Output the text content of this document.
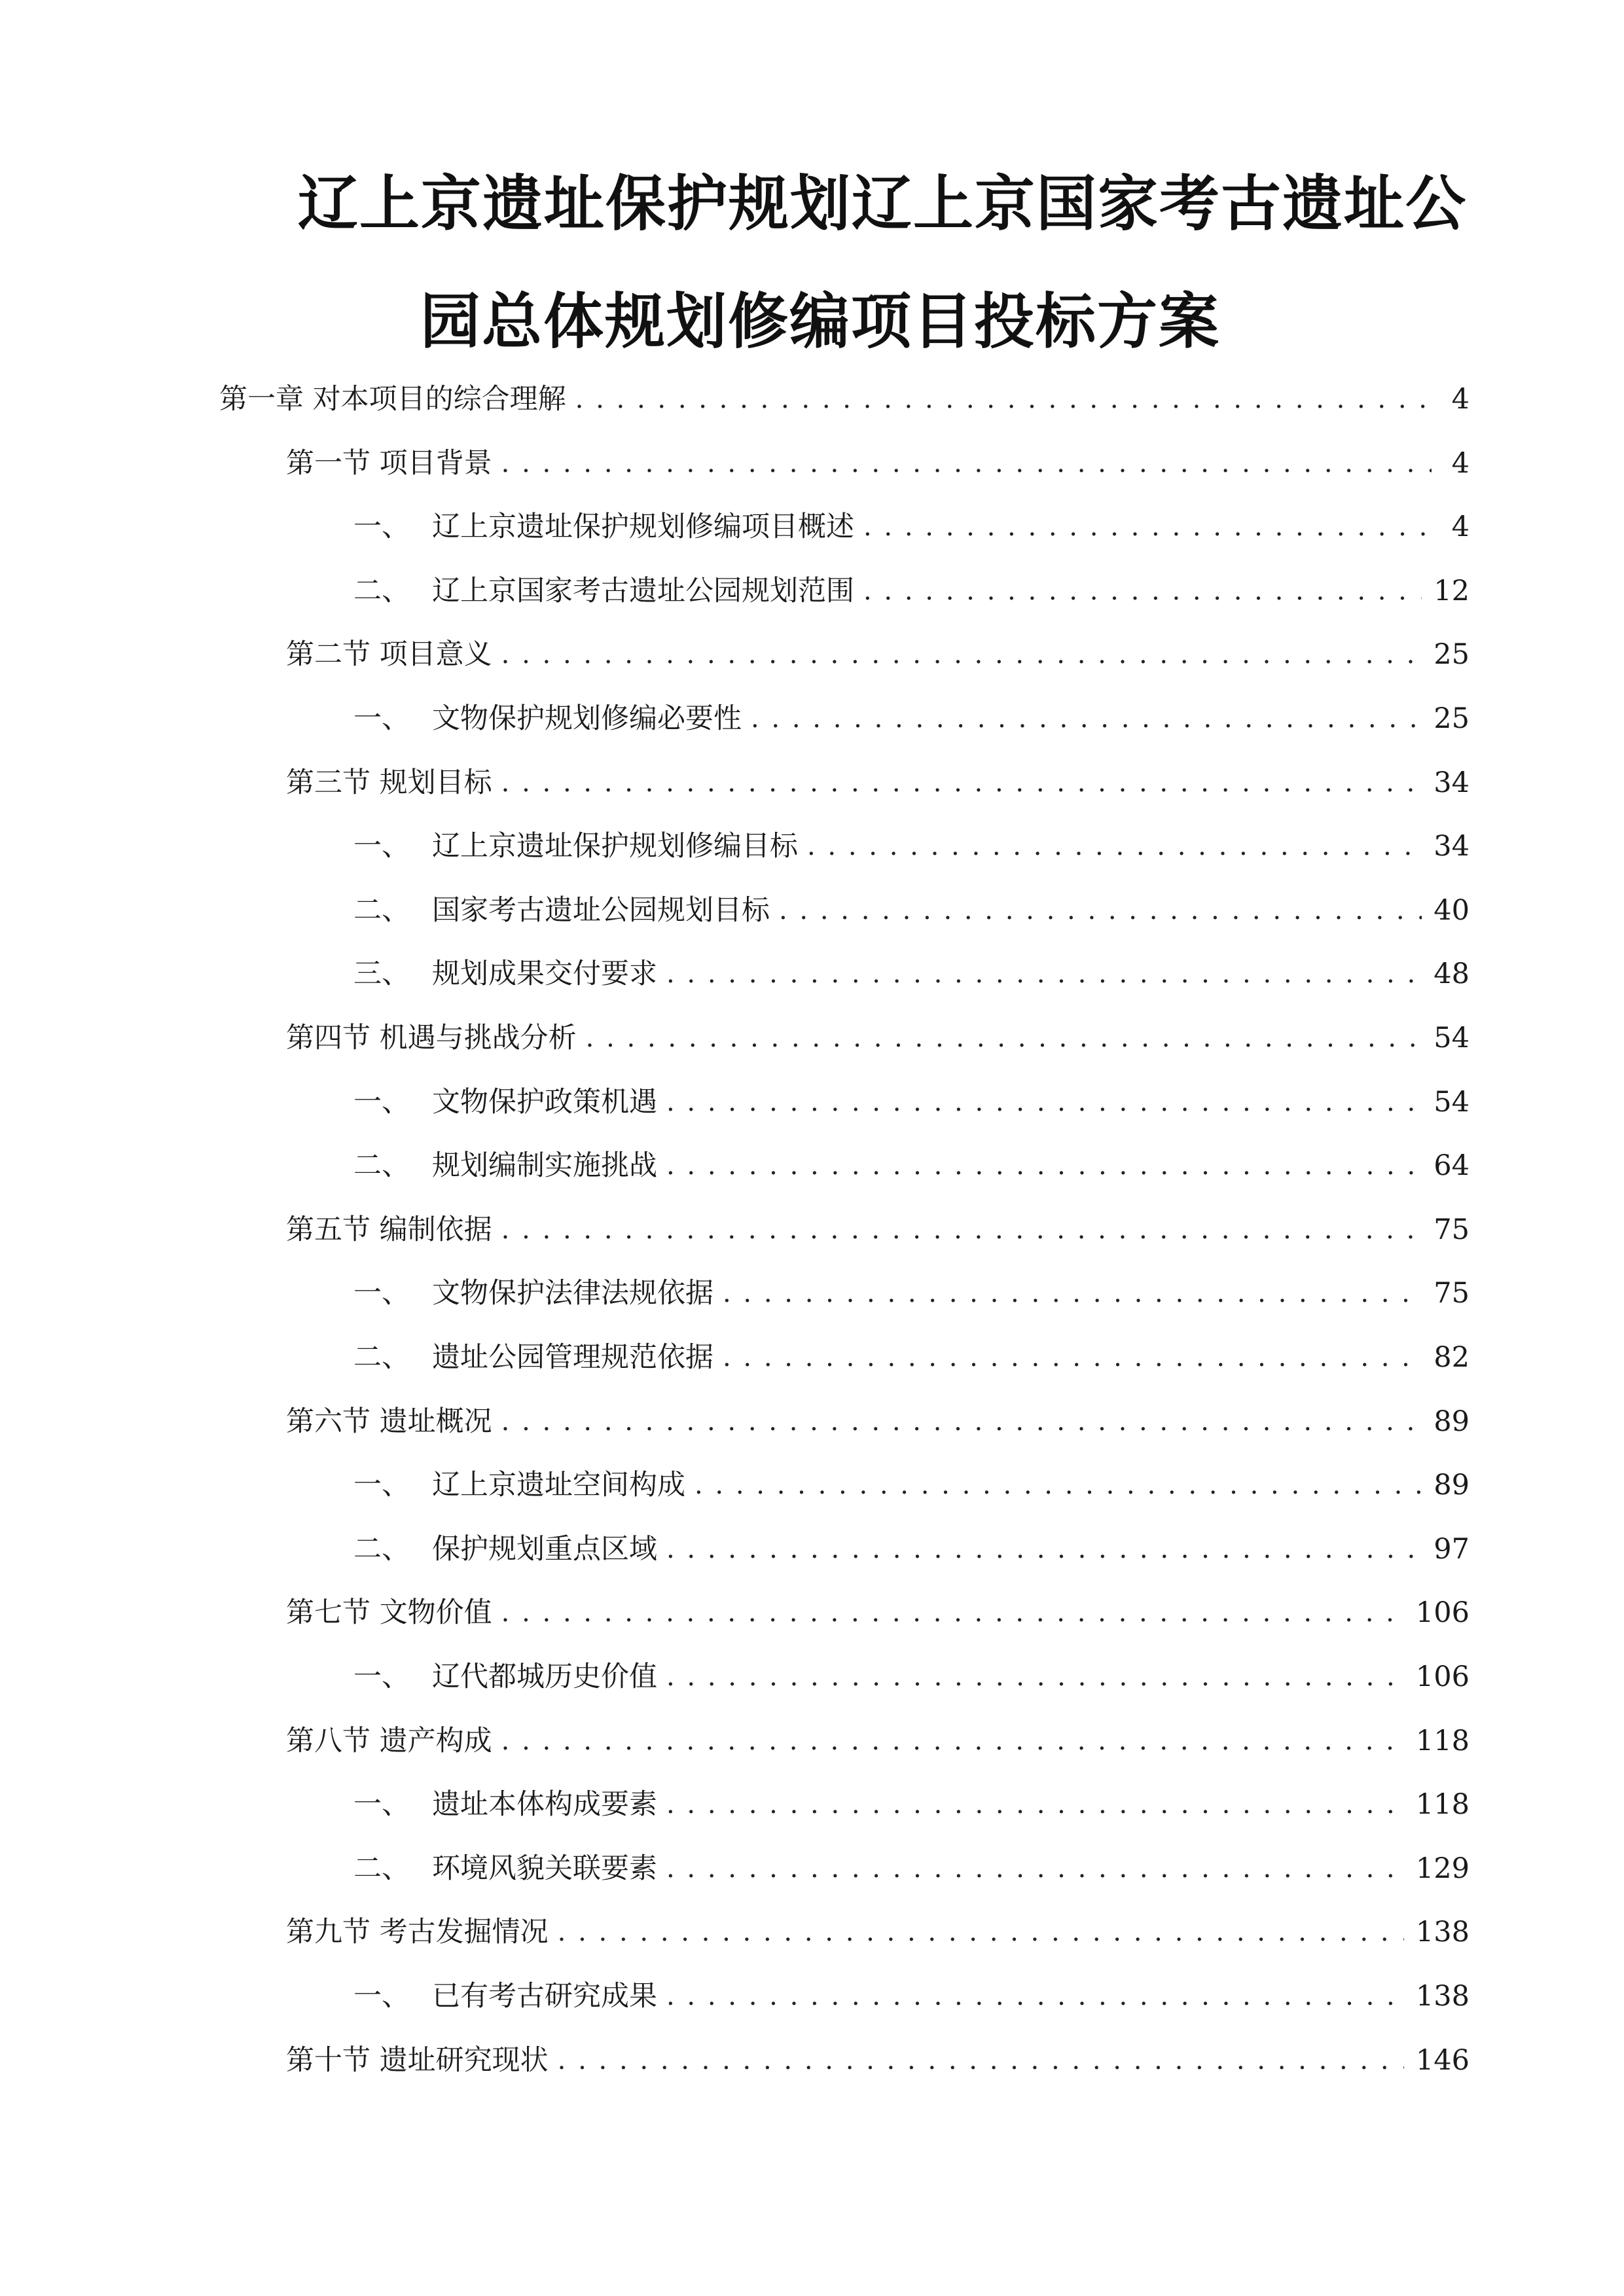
辽上京遗址保护规划辽上京国家考古遗址公
园总体规划修编项目投标方案
第一章 对本项目的综合理解 . . .	4
第一节 项目背景 . . .	4
一、 辽上京遗址保护规划修编项目概述 . . .	4
二、 辽上京国家考古遗址公园规划范围 . . .	12
第二节 项目意义 . . .	25
一、 文物保护规划修编必要性 . . .	25
第三节 规划目标 . . .	34
一、 辽上京遗址保护规划修编目标 . . .	34
二、 国家考古遗址公园规划目标 . . .	40
三、 规划成果交付要求 . . .	48
第四节 机遇与挑战分析 . . .	54
一、 文物保护政策机遇 . . .	54
二、 规划编制实施挑战 . . .	64
第五节 编制依据 . . .	75
一、 文物保护法律法规依据 . . .	75
二、 遗址公园管理规范依据 . . .	82
第六节 遗址概况 . . .	89
一、 辽上京遗址空间构成 . . .	89
二、 保护规划重点区域 . . .	97
第七节 文物价值 . . .	106
一、 辽代都城历史价值 . . .	106
第八节 遗产构成 . . .	118
一、 遗址本体构成要素 . . .	118
二、 环境风貌关联要素 . . .	129
第九节 考古发掘情况 . . .	138
一、 已有考古研究成果 . . .	138
第十节 遗址研究现状 . . .	146
